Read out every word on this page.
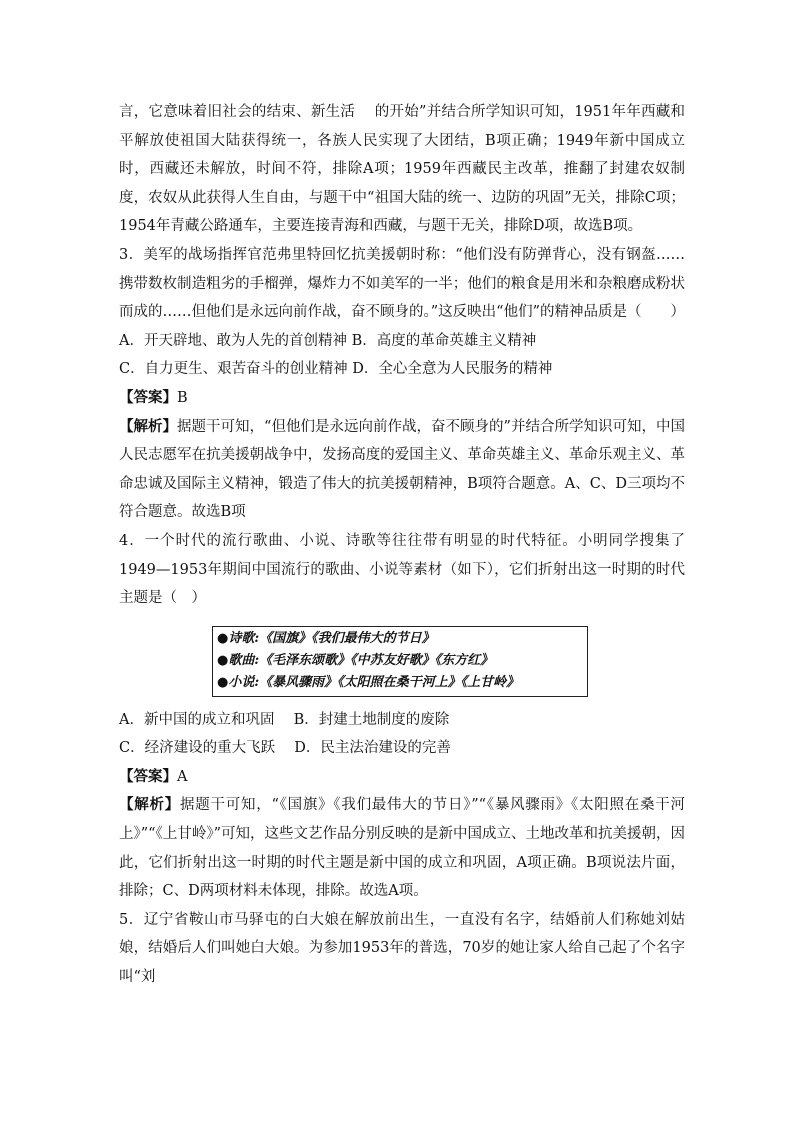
言，它意味着旧社会的结束、新生活　 的开始”并结合所学知识可知，1951年年西藏和平解放使祖国大陆获得统一，各族人民实现了大团结，B项正确；1949年新中国成立时，西藏还未解放，时间不符，排除A项；1959年西藏民主改革，推翻了封建农奴制度，农奴从此获得人生自由，与题干中“祖国大陆的统一、边防的巩固”无关，排除C项；1954年青藏公路通车，主要连接青海和西藏，与题干无关，排除D项，故选B项。

3．美军的战场指挥官范弗里特回忆抗美援朝时称：“他们没有防弹背心，没有钢盔……携带数枚制造粗劣的手榴弹，爆炸力不如美军的一半；他们的粮食是用米和杂粮磨成粉状而成的……但他们是永远向前作战，奋不顾身的。”这反映出“他们”的精神品质是（　　）

A．开天辟地、敢为人先的首创精神 B．高度的革命英雄主义精神

C．自力更生、艰苦奋斗的创业精神 D．全心全意为人民服务的精神

【答案】B

【解析】据题干可知，“但他们是永远向前作战，奋不顾身的”并结合所学知识可知，中国人民志愿军在抗美援朝战争中，发扬高度的爱国主义、革命英雄主义、革命乐观主义、革命忠诚及国际主义精神，锻造了伟大的抗美援朝精神，B项符合题意。A、C、D三项均不符合题意。故选B项

4．一个时代的流行歌曲、小说、诗歌等往往带有明显的时代特征。小明同学搜集了1949—1953年期间中国流行的歌曲、小说等素材（如下），它们折射出这一时期的时代主题是（　）

●诗歌:《国旗》《我们最伟大的节日》
●歌曲:《毛泽东颂歌》《中苏友好歌》《东方红》
●小说:《暴风骤雨》《太阳照在桑干河上》《上甘岭》

A．新中国的成立和巩固　 B．封建土地制度的废除

C．经济建设的重大飞跃　 D．民主法治建设的完善

【答案】A

【解析】据题干可知，“《国旗》《我们最伟大的节日》”“《暴风骤雨》《太阳照在桑干河上》”“《上甘岭》”可知，这些文艺作品分别反映的是新中国成立、土地改革和抗美援朝，因此，它们折射出这一时期的时代主题是新中国的成立和巩固，A项正确。B项说法片面，排除；C、D两项材料未体现，排除。故选A项。

5．辽宁省鞍山市马驿屯的白大娘在解放前出生，一直没有名字，结婚前人们称她刘姑娘，结婚后人们叫她白大娘。为参加1953年的普选，70岁的她让家人给自己起了个名字叫“刘
